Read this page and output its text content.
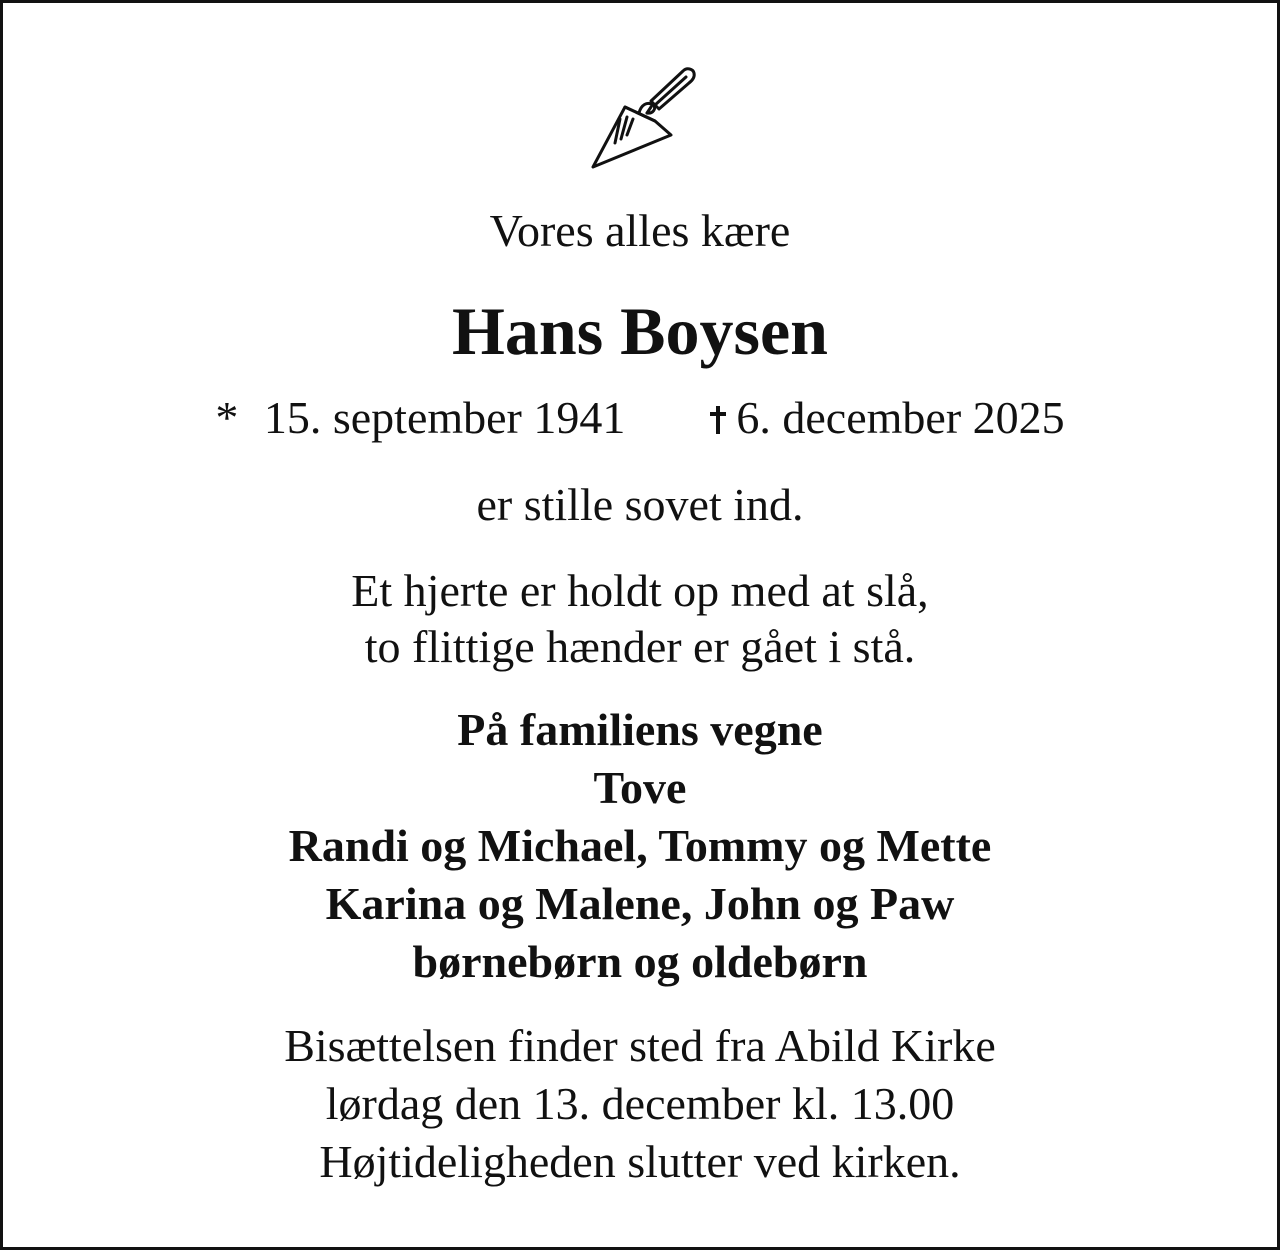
Vores alles kære
Hans Boysen
* 15. september 1941 6. december 2025
er stille sovet ind.
Et hjerte er holdt op med at slå,
to flittige hænder er gået i stå.
På familiens vegne
Tove
Randi og Michael, Tommy og Mette
Karina og Malene, John og Paw
børnebørn og oldebørn
Bisættelsen finder sted fra Abild Kirke
lørdag den 13. december kl. 13.00
Højtideligheden slutter ved kirken.
